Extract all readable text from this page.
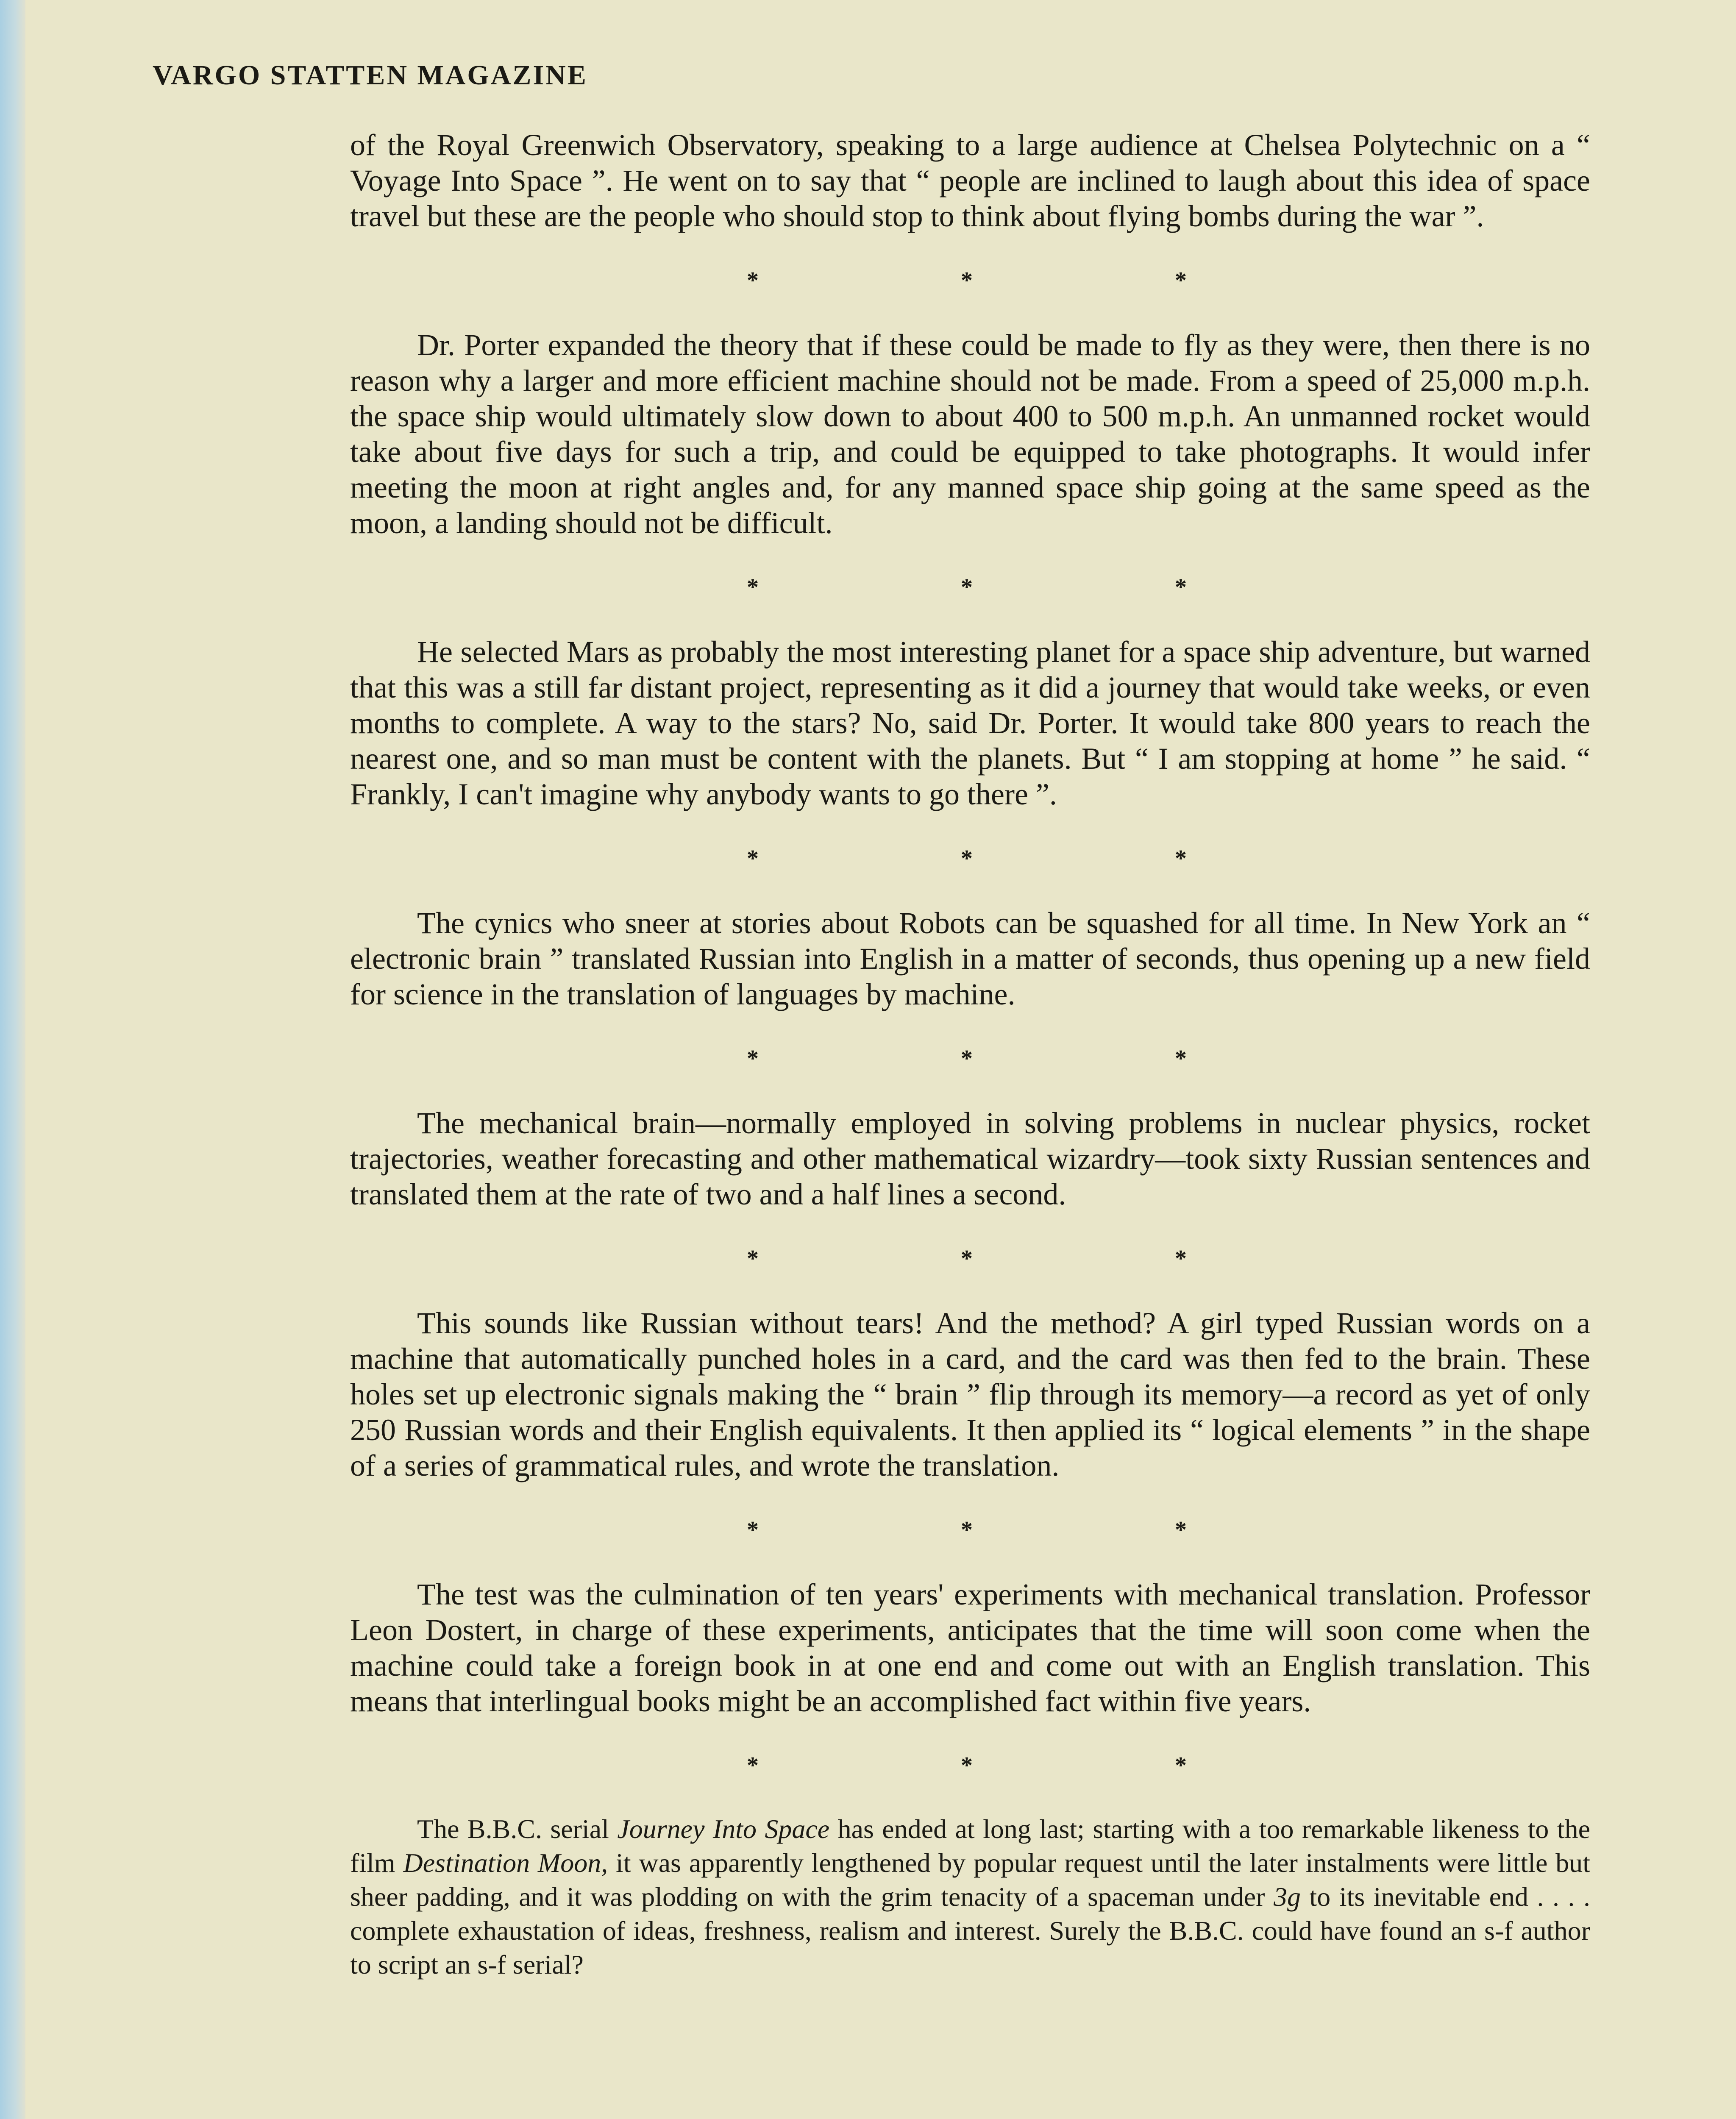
VARGO STATTEN MAGAZINE

of the Royal Greenwich Observatory, speaking to a large audience at Chelsea Polytechnic on a “ Voyage Into Space ”. He went on to say that “ people are inclined to laugh about this idea of space travel but these are the people who should stop to think about flying bombs during the war ”.

*	*	*

Dr. Porter expanded the theory that if these could be made to fly as they were, then there is no reason why a larger and more efficient machine should not be made. From a speed of 25,000 m.p.h. the space ship would ultimately slow down to about 400 to 500 m.p.h. An unmanned rocket would take about five days for such a trip, and could be equipped to take photographs. It would infer meeting the moon at right angles and, for any manned space ship going at the same speed as the moon, a landing should not be difficult.

*	*	*

He selected Mars as probably the most interesting planet for a space ship adventure, but warned that this was a still far distant project, representing as it did a journey that would take weeks, or even months to complete. A way to the stars? No, said Dr. Porter. It would take 800 years to reach the nearest one, and so man must be content with the planets. But “ I am stopping at home ” he said. “ Frankly, I can't imagine why anybody wants to go there ”.

*	*	*

The cynics who sneer at stories about Robots can be squashed for all time. In New York an “ electronic brain ” translated Russian into English in a matter of seconds, thus opening up a new field for science in the translation of languages by machine.

*	*	*

The mechanical brain—normally employed in solving problems in nuclear physics, rocket trajectories, weather forecasting and other mathematical wizardry—took sixty Russian sentences and translated them at the rate of two and a half lines a second.

*	*	*

This sounds like Russian without tears! And the method? A girl typed Russian words on a machine that automatically punched holes in a card, and the card was then fed to the brain. These holes set up electronic signals making the “ brain ” flip through its memory—a record as yet of only 250 Russian words and their English equivalents. It then applied its “ logical elements ” in the shape of a series of grammatical rules, and wrote the translation.

*	*	*

The test was the culmination of ten years' experiments with mechanical translation. Professor Leon Dostert, in charge of these experiments, anticipates that the time will soon come when the machine could take a foreign book in at one end and come out with an English translation. This means that interlingual books might be an accomplished fact within five years.

*	*	*

The B.B.C. serial Journey Into Space has ended at long last; starting with a too remarkable likeness to the film Destination Moon, it was apparently lengthened by popular request until the later instalments were little but sheer padding, and it was plodding on with the grim tenacity of a spaceman under 3g to its inevitable end . . . . complete exhaustation of ideas, freshness, realism and interest. Surely the B.B.C. could have found an s-f author to script an s-f serial?
